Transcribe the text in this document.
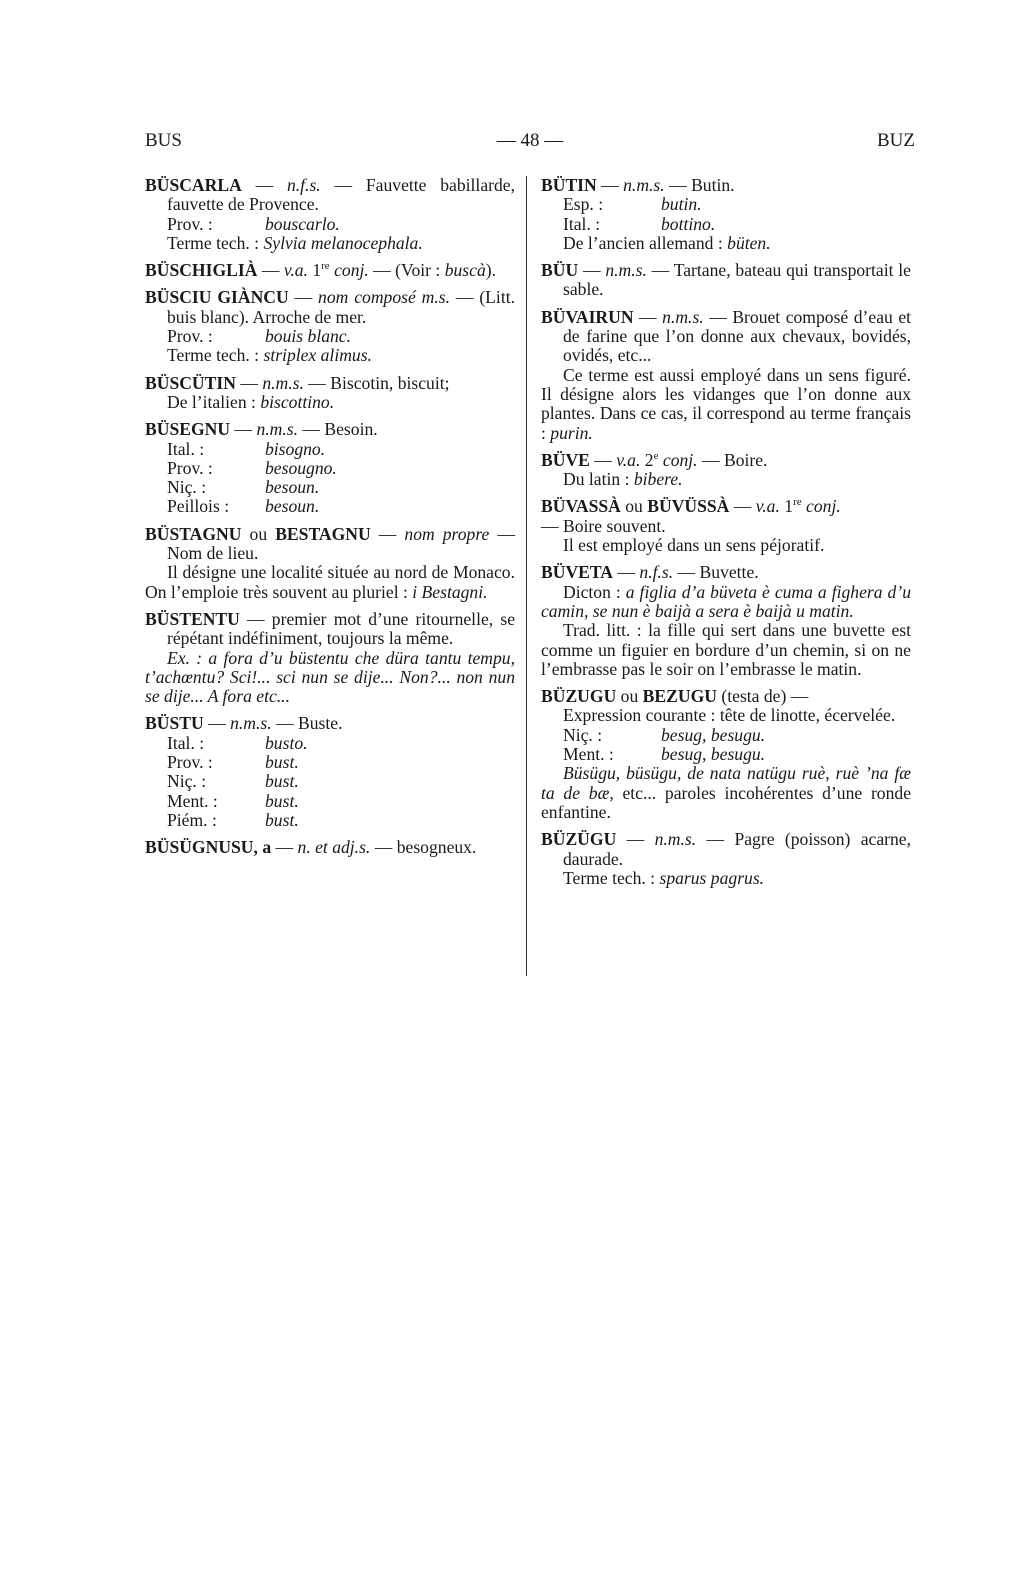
BUS	— 48 —	BUZ

BÜSCARLA — n.f.s. — Fauvette babillarde, fauvette de Provence.

Prov. :	bouscarlo.

Terme tech. : Sylvia melanocephala.

BÜSCHIGLIÀ — v.a. 1re conj. — (Voir : buscà).

BÜSCIU GIÀNCU — nom composé m.s. — (Litt. buis blanc). Arroche de mer.

Prov. :	bouis blanc.

Terme tech. : striplex alimus.

BÜSCÜTIN — n.m.s. — Biscotin, biscuit;

De l’italien : biscottino.

BÜSEGNU — n.m.s. — Besoin.

Ital. :	bisogno.

Prov. :	besougno.

Niç. :	besoun.

Peillois : besoun.

BÜSTAGNU ou BESTAGNU — nom propre — Nom de lieu.

Il désigne une localité située au nord de Monaco. On l’emploie très souvent au pluriel : i Bestagni.

BÜSTENTU — premier mot d’une ritournelle, se répétant indéfiniment, toujours la même.

Ex. : a fora d’u büstentu che düra tantu tempu, t’achœntu? Sci!... sci nun se dije... Non?... non nun se dije... A fora etc...

BÜSTU — n.m.s. — Buste.

Ital. :	busto.

Prov. :	bust.

Niç. :	bust.

Ment. :	bust.

Piém. :	bust.

BÜSÜGNUSU, a — n. et adj.s. — besogneux.

BÜTIN — n.m.s. — Butin.

Esp. :	butin.

Ital. :	bottino.

De l’ancien allemand : büten.

BÜU — n.m.s. — Tartane, bateau qui transportait le sable.

BÜVAIRUN — n.m.s. — Brouet composé d’eau et de farine que l’on donne aux chevaux, bovidés, ovidés, etc...

Ce terme est aussi employé dans un sens figuré. Il désigne alors les vidanges que l’on donne aux plantes. Dans ce cas, il correspond au terme français : purin.

BÜVE — v.a. 2e conj. — Boire.

Du latin : bibere.

BÜVASSÀ ou BÜVÜSSÀ — v.a. 1re conj.

— Boire souvent.

Il est employé dans un sens péjoratif.

BÜVETA — n.f.s. — Buvette.

Dicton : a figlia d’a büveta è cuma a fighera d’u camin, se nun è baijà a sera è baijà u matin.

Trad. litt. : la fille qui sert dans une buvette est comme un figuier en bordure d’un chemin, si on ne l’embrasse pas le soir on l’embrasse le matin.

BÜZUGU ou BEZUGU (testa de) —

Expression courante : tête de linotte, écervelée.

Niç. :	besug, besugu.

Ment. :	besug, besugu.

Büsügu, büsügu, de nata natügu ruè, ruè ’na fæ ta de bæ, etc... paroles incohérentes d’une ronde enfantine.

BÜZÜGU — n.m.s. — Pagre (poisson) acarne, daurade.

Terme tech. : sparus pagrus.
